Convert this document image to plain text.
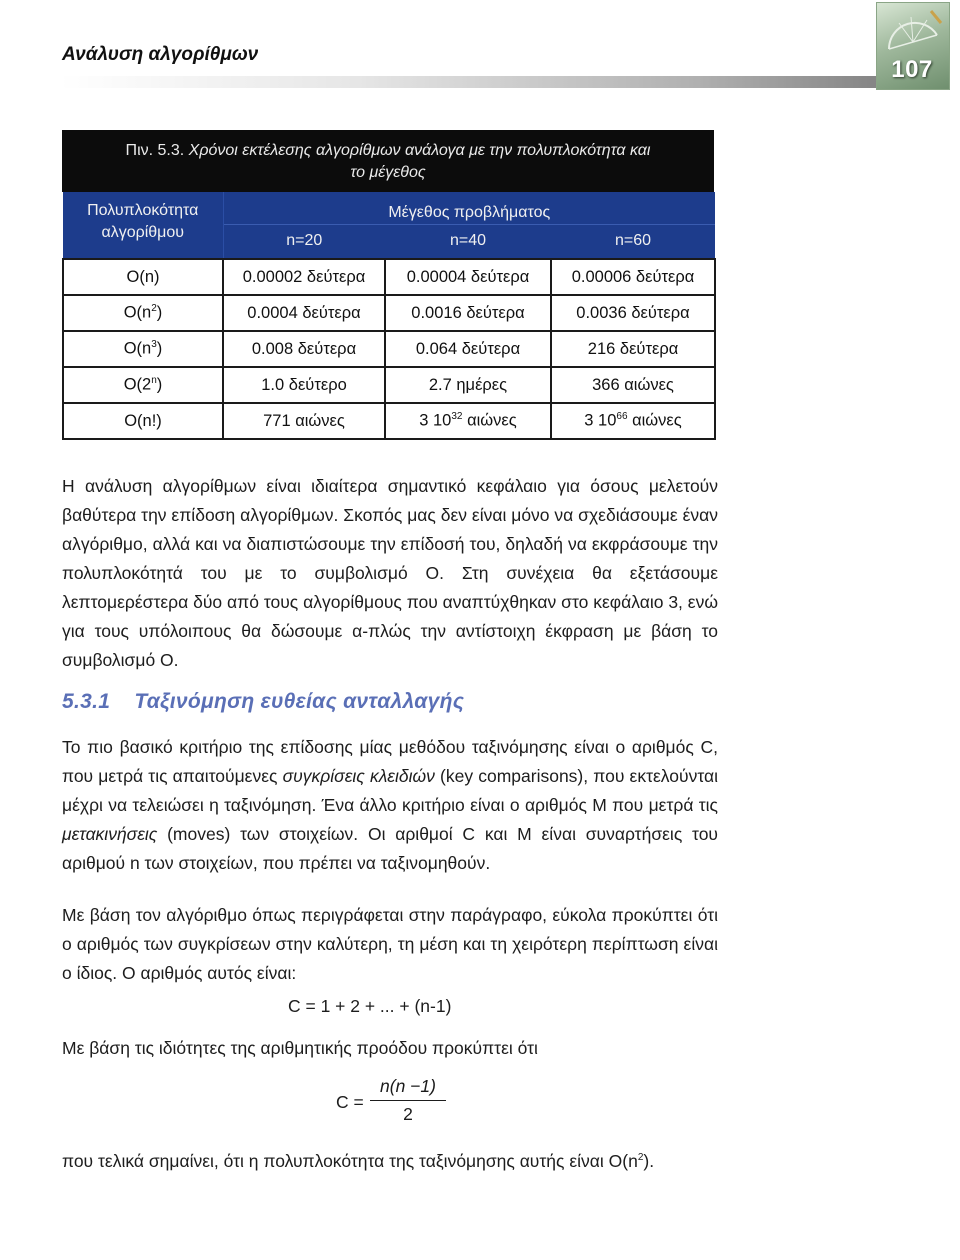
Ανάλυση αλγορίθμων
107
Πιν. 5.3. Χρόνοι εκτέλεσης αλγορίθμων ανάλογα με την πολυπλοκότητα και
το μέγεθος
Πολυπλοκότητα
αλγορίθμου	Μέγεθος προβλήματος		
	n=20	n=40	n=60
O(n)	0.00002 δεύτερα	0.00004 δεύτερα	0.00006 δεύτερα
$O(n^2)$	0.0004 δεύτερα	0.0016 δεύτερα	0.0036 δεύτερα
$O(n^3)$	0.008 δεύτερα	0.064 δεύτερα	216 δεύτερα
O(2$^n$)	1.0 δεύτερο	2.7 ημέρες	366 αιώνες
O(n!)	771 αιώνες	3 $10^{32}$ αιώνες	3 $10^{66}$ αιώνες
Η ανάλυση αλγορίθμων είναι ιδιαίτερα σημαντικό κεφάλαιο για όσους μελετούν βαθύτερα την επίδοση αλγορίθμων. Σκοπός μας δεν είναι μόνο να σχεδιάσουμε έναν αλγόριθμο, αλλά και να διαπιστώσουμε την επίδοσή του, δηλαδή να εκφράσουμε την πολυπλοκότητά του με το συμβολισμό O. Στη συνέχεια θα εξετάσουμε λεπτομερέστερα δύο από τους αλγορίθμους που αναπτύχθηκαν στο κεφάλαιο 3, ενώ για τους υπόλοιπους θα δώσουμε α-πλώς την αντίστοιχη έκφραση με βάση το συμβολισμό O.
5.3.1 Ταξινόμηση ευθείας ανταλλαγής
Το πιο βασικό κριτήριο της επίδοσης μίας μεθόδου ταξινόμησης είναι ο αριθμός C, που μετρά τις απαιτούμενες συγκρίσεις κλειδιών (key comparisons), που εκτελούνται μέχρι να τελειώσει η ταξινόμηση. Ένα άλλο κριτήριο είναι ο αριθμός M που μετρά τις μετακινήσεις (moves) των στοιχείων. Οι αριθμοί C και M είναι συναρτήσεις του αριθμού n των στοιχείων, που πρέπει να ταξινομηθούν.
Με βάση τον αλγόριθμο όπως περιγράφεται στην παράγραφο, εύκολα προκύπτει ότι ο αριθμός των συγκρίσεων στην καλύτερη, τη μέση και τη χειρότερη περίπτωση είναι ο ίδιος. Ο αριθμός αυτός είναι:
C = 1 + 2 + ... + (n-1)
Με βάση τις ιδιότητες της αριθμητικής προόδου προκύπτει ότι
C =
n(n −1)
2
που τελικά σημαίνει, ότι η πολυπλοκότητα της ταξινόμησης αυτής είναι $O(n^2)$.
